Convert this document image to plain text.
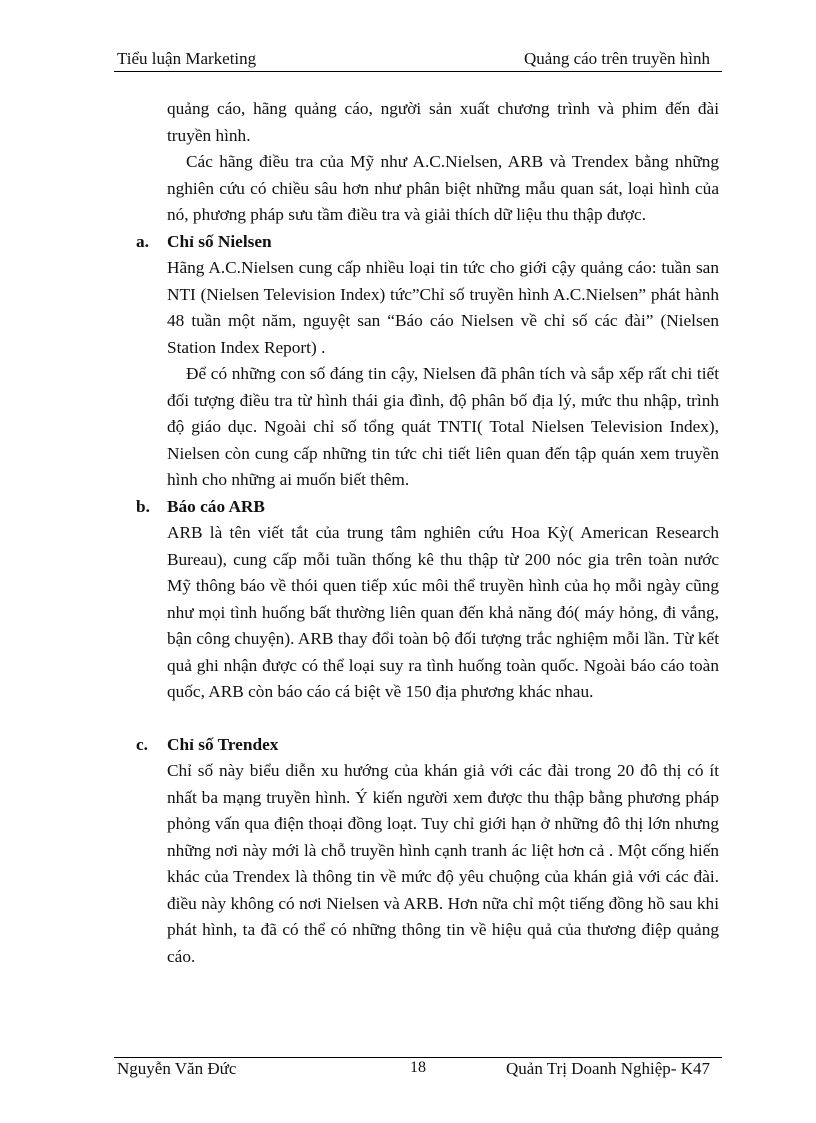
Tiểu luận Marketing	Quảng cáo trên truyền hình

quảng cáo, hãng quảng cáo, người sản xuất chương trình và phim đến đài truyền hình.

Các hãng điều tra của Mỹ như A.C.Nielsen, ARB và Trendex bằng những nghiên cứu có chiều sâu hơn như phân biệt những mẫu quan sát, loại hình của nó, phương pháp sưu tầm điều tra và giải thích dữ liệu thu thập được.

a. Chỉ số Nielsen

Hãng A.C.Nielsen cung cấp nhiều loại tin tức cho giới cậy quảng cáo: tuần san NTI (Nielsen Television Index) tức”Chỉ số truyền hình A.C.Nielsen” phát hành 48 tuần một năm, nguyệt san “Báo cáo Nielsen về chỉ số các đài” (Nielsen Station Index Report) .

Để có những con số đáng tin cậy, Nielsen đã phân tích và sắp xếp rất chi tiết đối tượng điều tra từ hình thái gia đình, độ phân bố địa lý, mức thu nhập, trình độ giáo dục. Ngoài chỉ số tổng quát TNTI( Total Nielsen Television Index), Nielsen còn cung cấp những tin tức chi tiết liên quan đến tập quán xem truyền hình cho những ai muốn biết thêm.

b. Báo cáo ARB

ARB là tên viết tắt của trung tâm nghiên cứu Hoa Kỳ( American Research Bureau), cung cấp mỗi tuần thống kê thu thập từ 200 nóc gia trên toàn nước Mỹ thông báo về thói quen tiếp xúc môi thể truyền hình của họ mỗi ngày cũng như mọi tình huống bất thường liên quan đến khả năng đó( máy hỏng, đi vắng, bận công chuyện). ARB thay đổi toàn bộ đối tượng trắc nghiệm mỗi lần. Từ kết quả ghi nhận được có thể loại suy ra tình huống toàn quốc. Ngoài báo cáo toàn quốc, ARB còn báo cáo cá biệt về 150 địa phương khác nhau.

c. Chỉ số Trendex

Chỉ số này biểu diễn xu hướng của khán giả với các đài trong 20 đô thị có ít nhất ba mạng truyền hình. Ý kiến người xem được thu thập bằng phương pháp phỏng vấn qua điện thoại đồng loạt. Tuy chỉ giới hạn ở những đô thị lớn nhưng những nơi này mới là chỗ truyền hình cạnh tranh ác liệt hơn cả . Một cống hiến khác của Trendex là thông tin về mức độ yêu chuộng của khán giả với các đài. điều này không có nơi Nielsen và ARB. Hơn nữa chỉ một tiếng đồng hồ sau khi phát hình, ta đã có thể có những thông tin về hiệu quả của thương điệp quảng cáo.

Nguyễn Văn Đức	18	Quản Trị Doanh Nghiệp- K47
